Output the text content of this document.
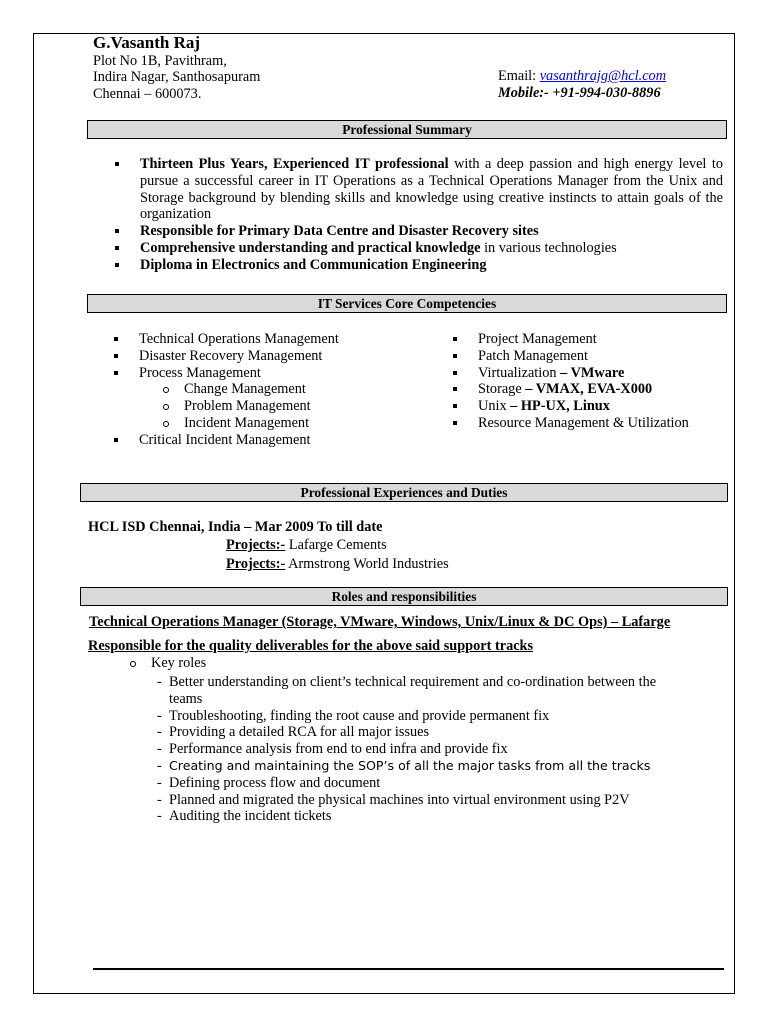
G.Vasanth Raj
Plot No 1B, Pavithram,
Indira Nagar, Santhosapuram
Chennai – 600073.
Email: vasanthrajg@hcl.com
Mobile:- +91-994-030-8896
Professional Summary
Thirteen Plus Years, Experienced IT professional with a deep passion and high energy level to pursue a successful career in IT Operations as a Technical Operations Manager from the Unix and Storage background by blending skills and knowledge using creative instincts to attain goals of the organization
Responsible for Primary Data Centre and Disaster Recovery sites
Comprehensive understanding and practical knowledge in various technologies
Diploma in Electronics and Communication Engineering
IT Services Core Competencies
Technical Operations Management
Disaster Recovery Management
Process Management
Change Management
Problem Management
Incident Management
Critical Incident Management
Project Management
Patch Management
Virtualization – VMware
Storage – VMAX, EVA-X000
Unix – HP-UX, Linux
Resource Management & Utilization
Professional Experiences and Duties
HCL ISD Chennai, India – Mar 2009 To till date
Projects:- Lafarge Cements
Projects:- Armstrong World Industries
Roles and responsibilities
Technical Operations Manager (Storage, VMware, Windows, Unix/Linux & DC Ops) – Lafarge
Responsible for the quality deliverables for the above said support tracks
Key roles
- Better understanding on client’s technical requirement and co-ordination between the
teams
- Troubleshooting, finding the root cause and provide permanent fix
- Providing a detailed RCA for all major issues
- Performance analysis from end to end infra and provide fix
- Creating and maintaining the SOP’s of all the major tasks from all the tracks
- Defining process flow and document
- Planned and migrated the physical machines into virtual environment using P2V
- Auditing the incident tickets
